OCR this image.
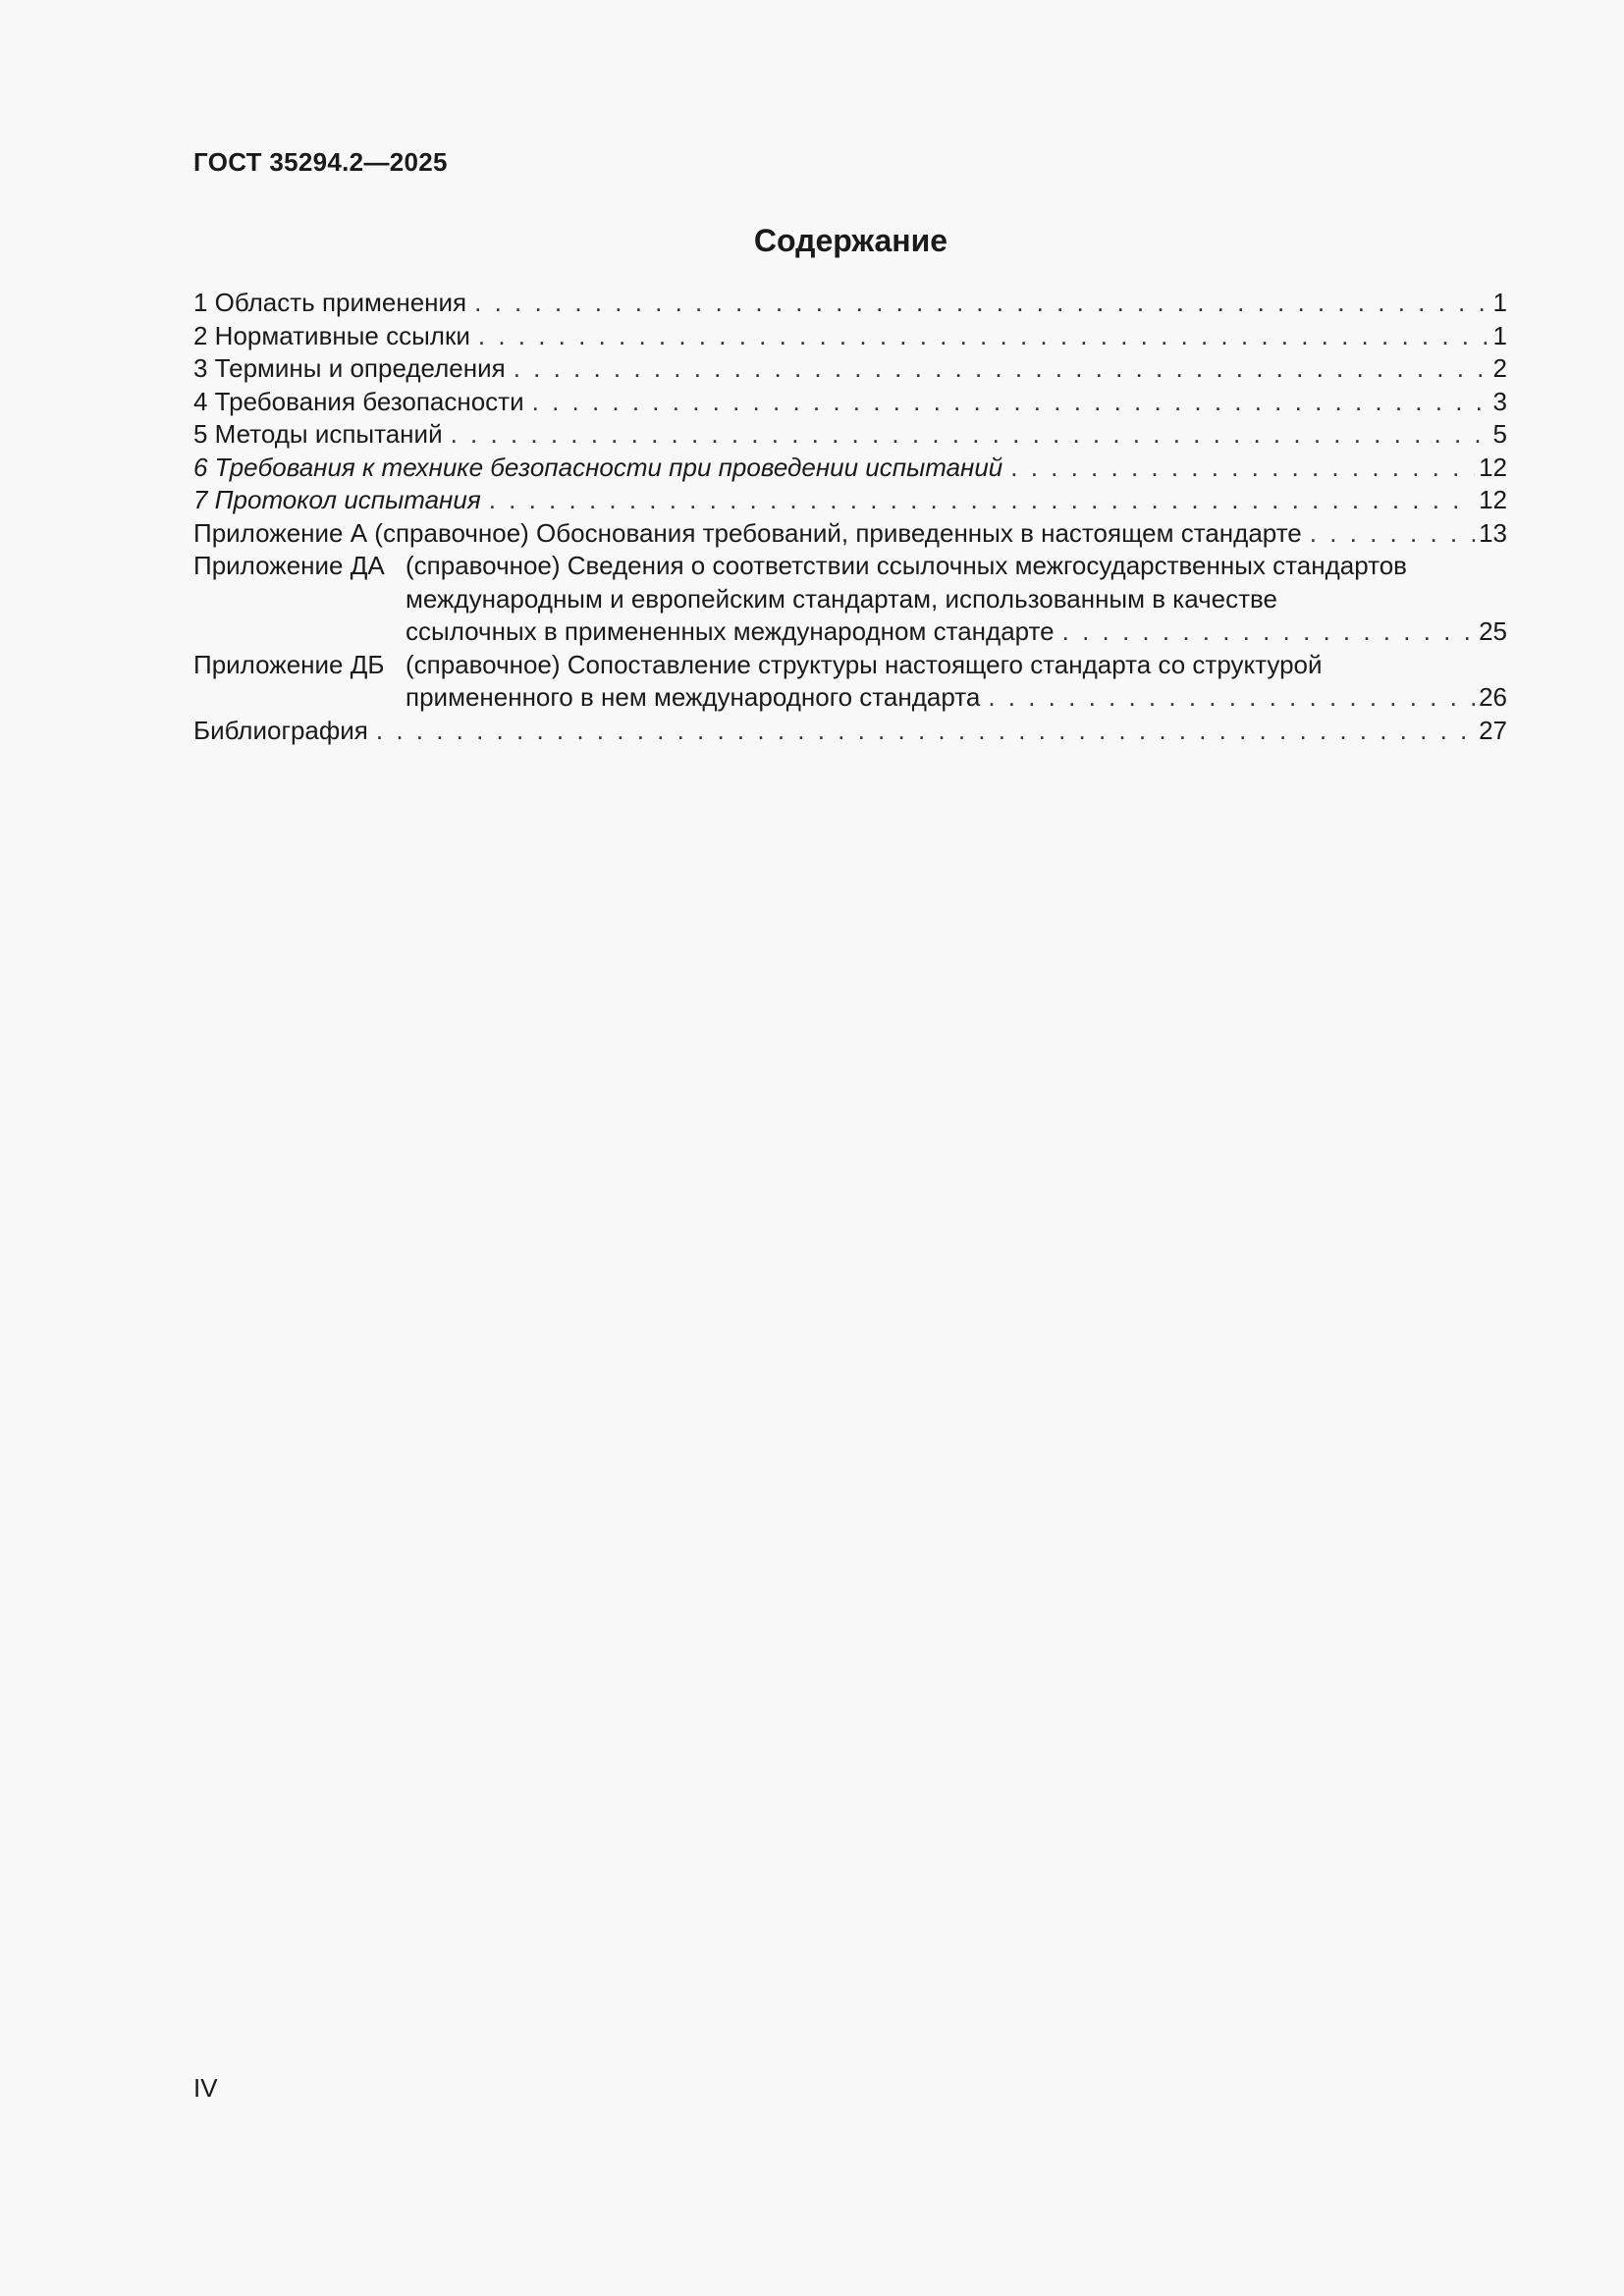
ГОСТ 35294.2—2025
Содержание
1 Область применения . . .	1
2 Нормативные ссылки . . .	1
3 Термины и определения . . .	2
4 Требования безопасности . . .	3
5 Методы испытаний . . .	5
6 Требования к технике безопасности при проведении испытаний . . .	12
7 Протокол испытания . . .	12
Приложение А (справочное) Обоснования требований, приведенных в настоящем стандарте . . .	13
Приложение ДА (справочное) Сведения о соответствии ссылочных межгосударственных стандартов
международным и европейским стандартам, использованным в качестве
ссылочных в примененных международном стандарте . . .	25
Приложение ДБ (справочное) Сопоставление структуры настоящего стандарта со структурой
примененного в нем международного стандарта . . .	26
Библиография . . .	27
IV
